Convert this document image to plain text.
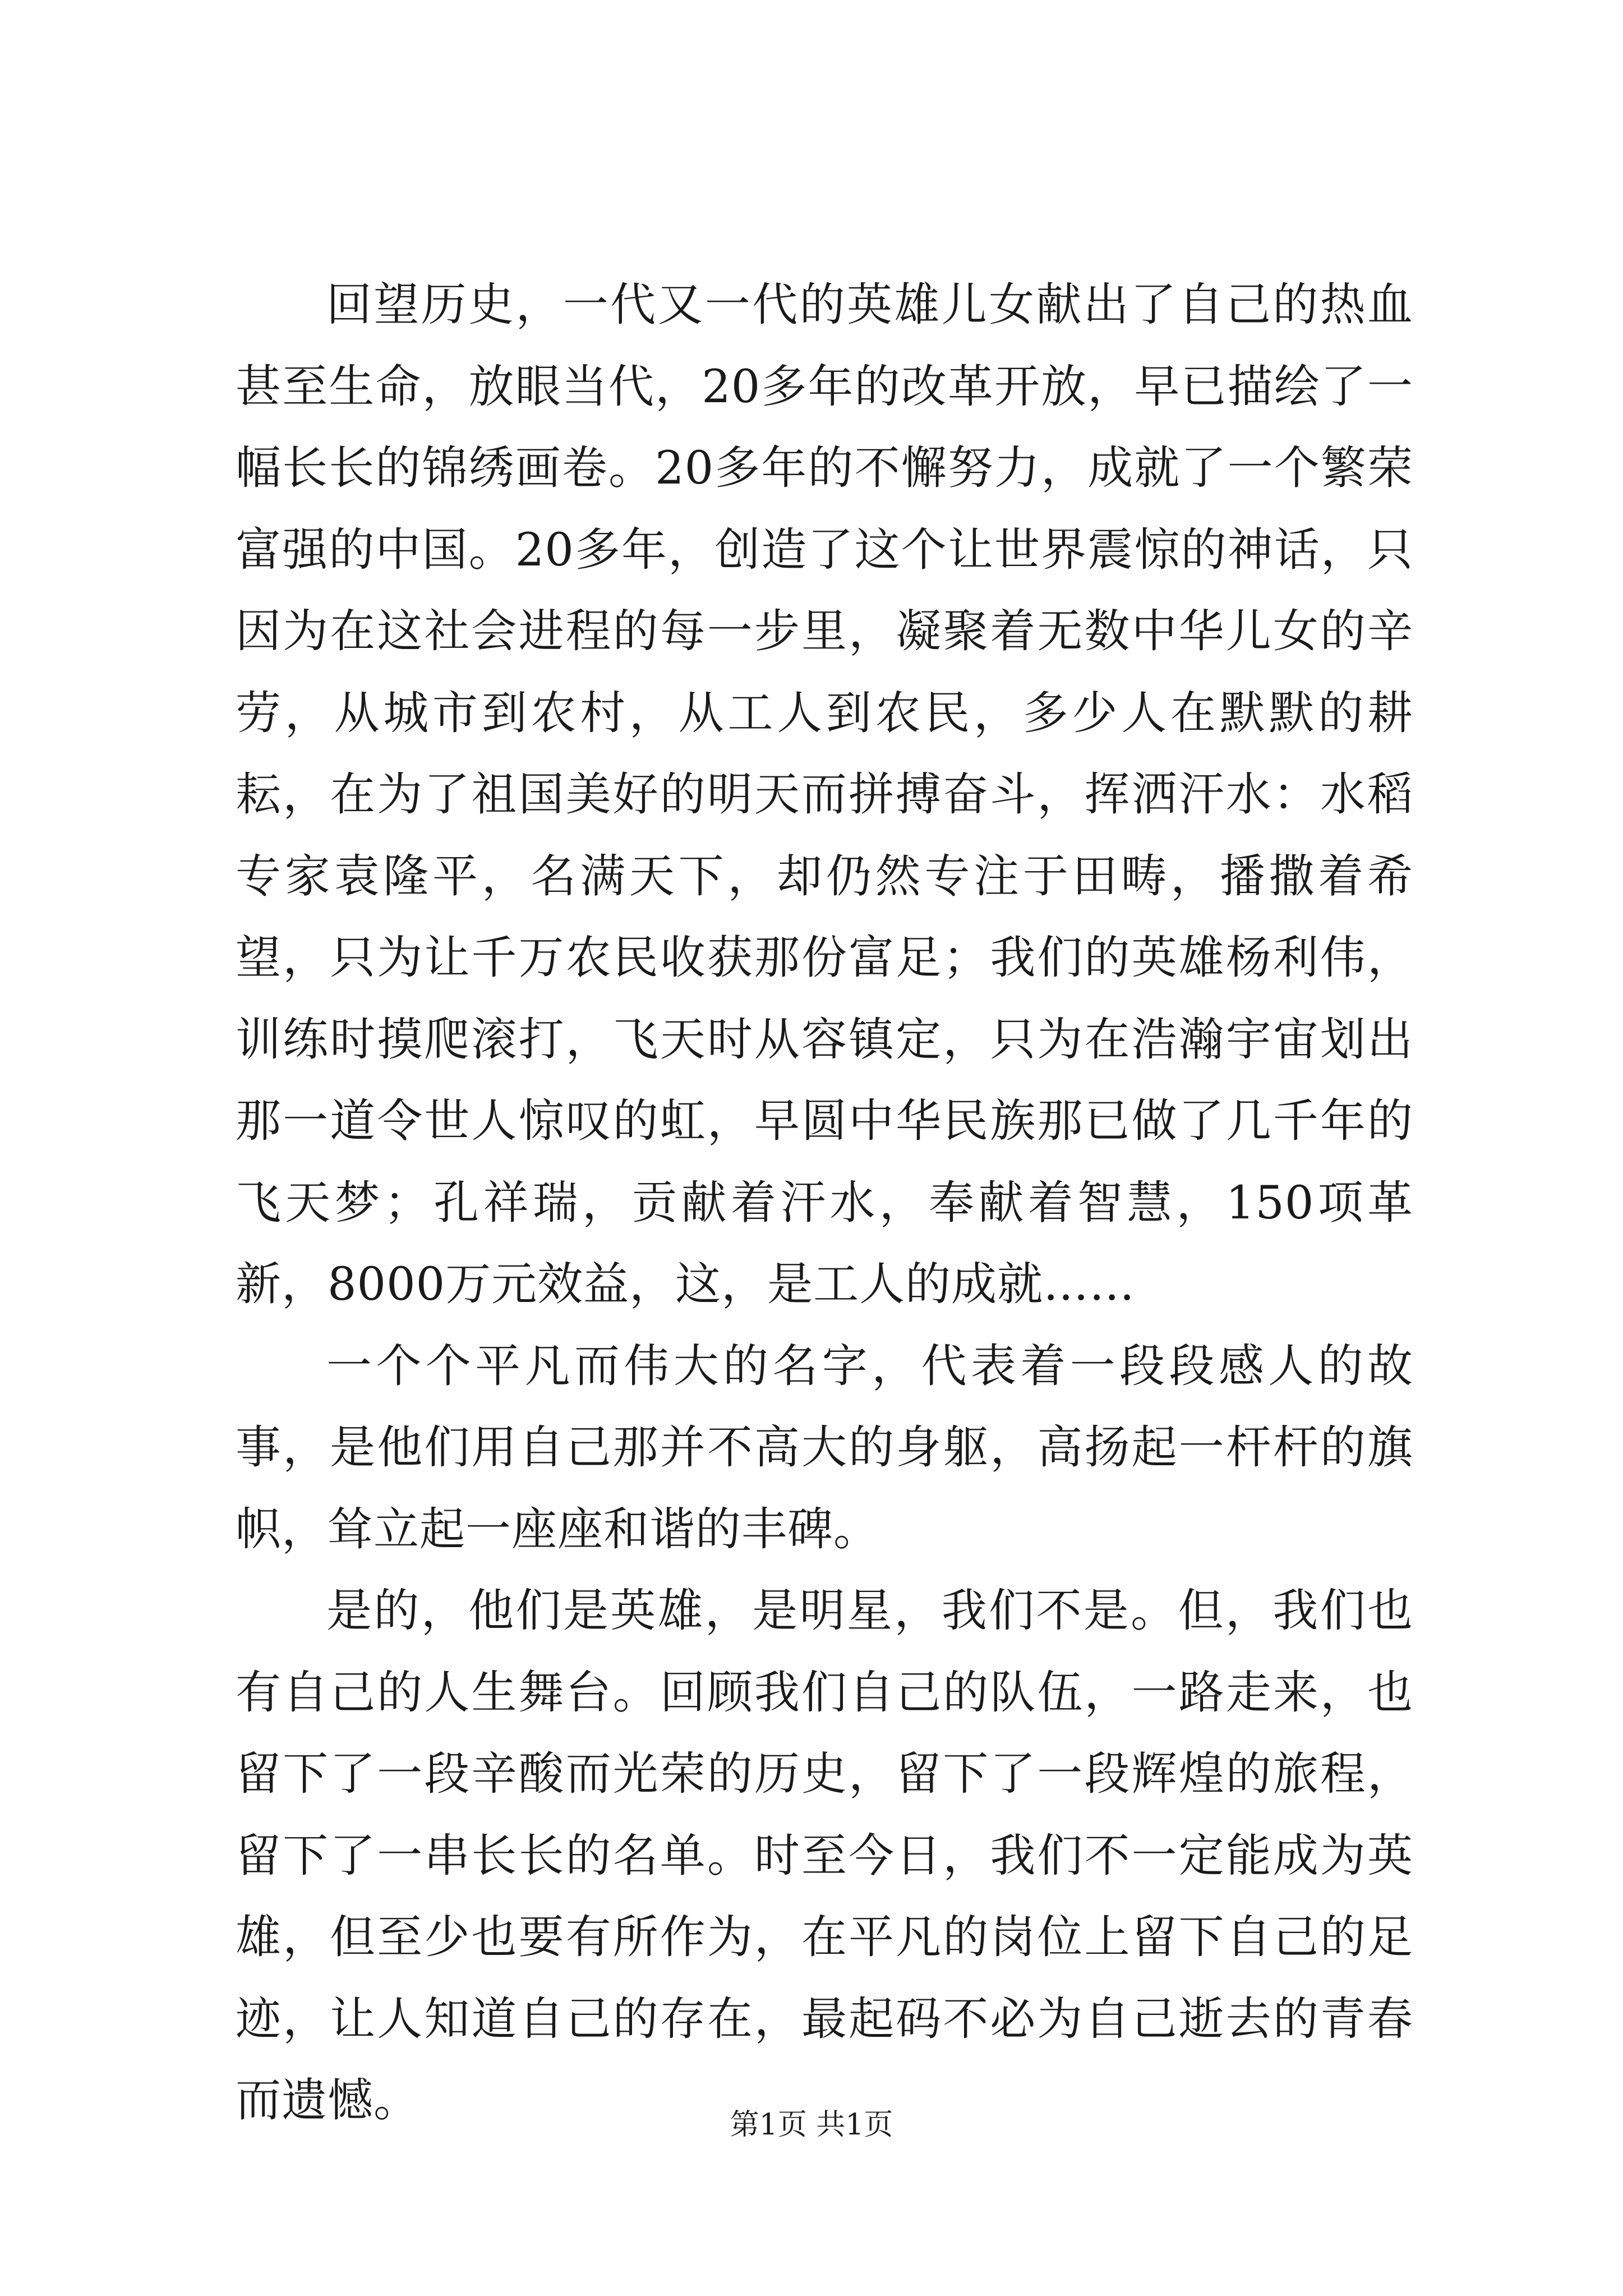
回望历史，一代又一代的英雄儿女献出了自己的热血甚至生命，放眼当代，20多年的改革开放，早已描绘了一幅长长的锦绣画卷。20多年的不懈努力，成就了一个繁荣富强的中国。20多年，创造了这个让世界震惊的神话，只因为在这社会进程的每一步里，凝聚着无数中华儿女的辛劳，从城市到农村，从工人到农民，多少人在默默的耕耘，在为了祖国美好的明天而拼搏奋斗，挥洒汗水：水稻专家袁隆平，名满天下，却仍然专注于田畴，播撒着希望，只为让千万农民收获那份富足；我们的英雄杨利伟，训练时摸爬滚打，飞天时从容镇定，只为在浩瀚宇宙划出那一道令世人惊叹的虹，早圆中华民族那已做了几千年的飞天梦；孔祥瑞，贡献着汗水，奉献着智慧，150项革新，8000万元效益，这，是工人的成就……

一个个平凡而伟大的名字，代表着一段段感人的故事，是他们用自己那并不高大的身躯，高扬起一杆杆的旗帜，耸立起一座座和谐的丰碑。

是的，他们是英雄，是明星，我们不是。但，我们也有自己的人生舞台。回顾我们自己的队伍，一路走来，也留下了一段辛酸而光荣的历史，留下了一段辉煌的旅程，留下了一串长长的名单。时至今日，我们不一定能成为英雄，但至少也要有所作为，在平凡的岗位上留下自己的足迹，让人知道自己的存在，最起码不必为自己逝去的青春而遗憾。	第1页 共1页
